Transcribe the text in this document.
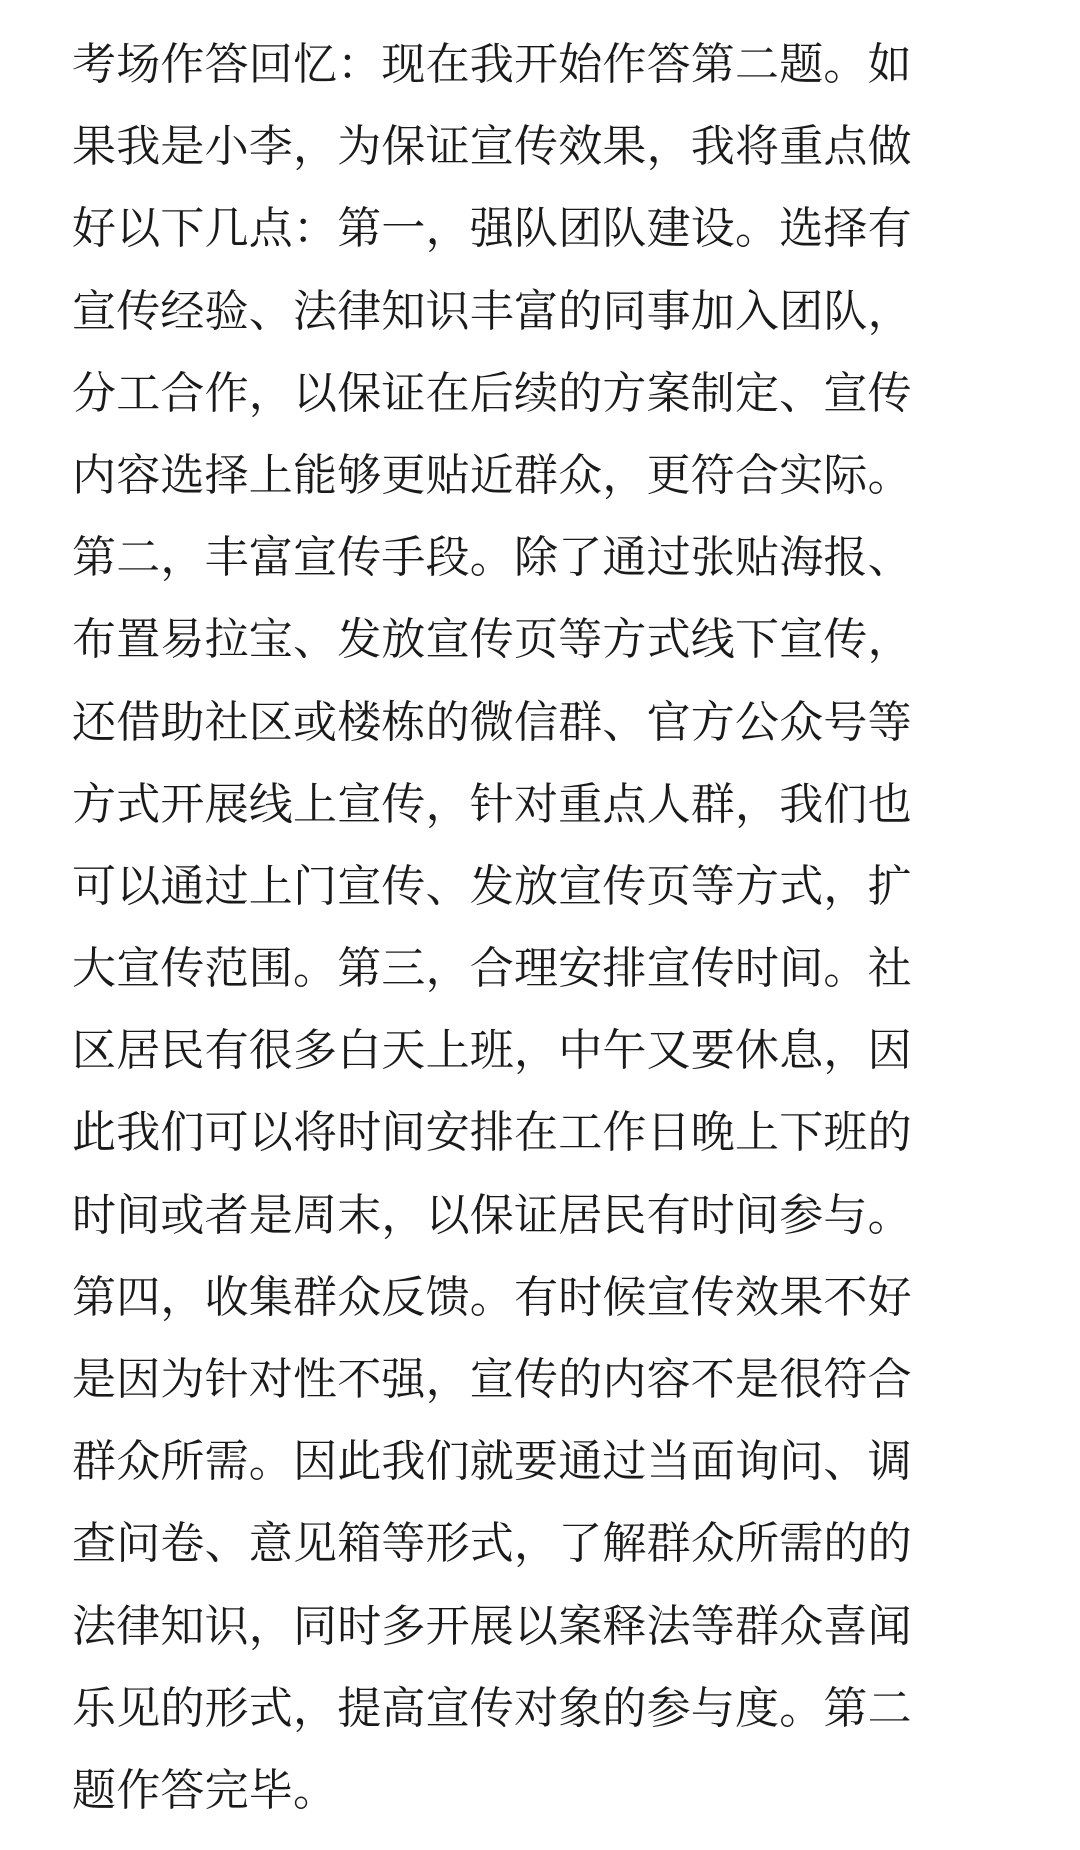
考场作答回忆：现在我开始作答第二题。如
果我是小李，为保证宣传效果，我将重点做
好以下几点：第一，强队团队建设。选择有
宣传经验、法律知识丰富的同事加入团队，
分工合作，以保证在后续的方案制定、宣传
内容选择上能够更贴近群众，更符合实际。
第二，丰富宣传手段。除了通过张贴海报、
布置易拉宝、发放宣传页等方式线下宣传，
还借助社区或楼栋的微信群、官方公众号等
方式开展线上宣传，针对重点人群，我们也
可以通过上门宣传、发放宣传页等方式，扩
大宣传范围。第三，合理安排宣传时间。社
区居民有很多白天上班，中午又要休息，因
此我们可以将时间安排在工作日晚上下班的
时间或者是周末，以保证居民有时间参与。
第四，收集群众反馈。有时候宣传效果不好
是因为针对性不强，宣传的内容不是很符合
群众所需。因此我们就要通过当面询问、调
查问卷、意见箱等形式，了解群众所需的的
法律知识，同时多开展以案释法等群众喜闻
乐见的形式，提高宣传对象的参与度。第二
题作答完毕。
